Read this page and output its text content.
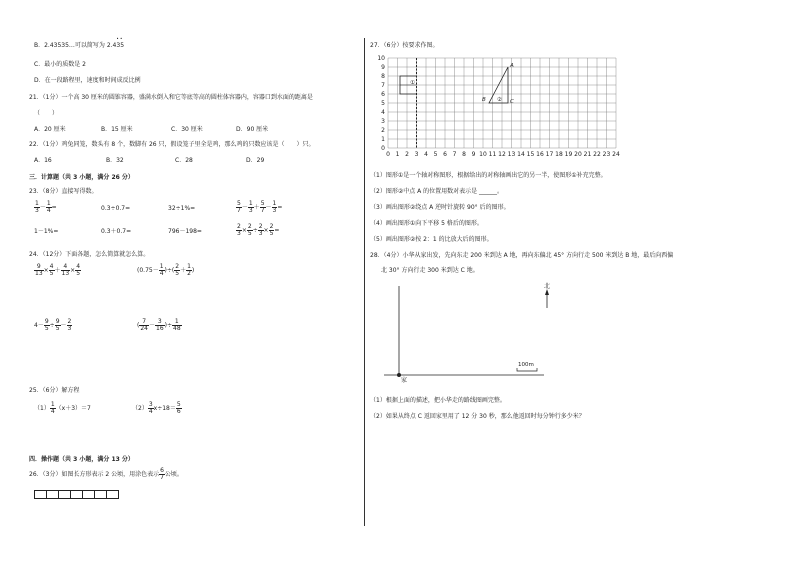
B．2.43535…可以简写为 2.435
• •
C．最小的质数是 2
D．在一段路程里，速度和时间成反比例
21．（1分）一个高 30 厘米的圆锥容器，盛满水倒入和它等底等高的圆柱体容器内，容器口到水面的距离是
（　　）
A．20 厘米	B．15 厘米	C．30 厘米	D．90 厘米
22．（1分）鸡兔同笼，数头有 8 个，数脚有 26 只，假设笼子里全是鸡，那么鸡的只数应该是（　　）只。
A．16	B．32	C．28	D．29
三．计算题（共 3 小题，满分 26 分）
23．（8分）直接写得数。
$\frac{1}{3} - \frac{1}{4}$ =	0.3÷0.7=	32÷1%=	$\frac{5}{7} - \frac{1}{3} + \frac{5}{7} - \frac{1}{3}$ =
1－1%=	0.3＋0.7=	796－198=	$\frac{2}{3} \times \frac{2}{5} \div \frac{2}{3} \times \frac{2}{5}$ =
24．（12分）下面各题，怎么简算就怎么算。
$\frac{9}{13} \times \frac{4}{5} + \frac{4}{13} \times \frac{4}{5}$	($0.75- \frac{1}{4}$ )÷( $\frac{2}{5} + \frac{1}{2}$ )
$4- \frac{9}{5} \div \frac{9}{5} - \frac{2}{3}$	( $\frac{7}{24} - \frac{3}{16}$ )÷ $\frac{1}{48}$
25．（6分）解方程
$(1) \frac{1}{4} (x+3)=7$	$(2) \frac{3}{4} x\div 18= \frac{5}{6}$
四．操作题（共 3 小题，满分 13 分）
26．（3分）如图长方形表示 2 公顷，用涂色表示 $\frac{6}{7}$ 公顷。
27．（6分）按要求作图。
0 1 2 3 4 5 6 7 8 9 10 11 12 13 14 15 16 17 18 19 20 21 22 23 24
0
1
2
3
4
5
6
7
8
9
10
①
②
A
B	C
（1）图形①是一个轴对称图形，根据给出的对称轴画出它的另一半，使图形①补充完整。
（2）图形②中点 A 的位置用数对表示是 ______。
（3）画出图形②绕点 A 逆时针旋转 90° 后的图形。
（4）画出图形①向下平移 5 格后的图形。
（5）画出图形②按 2：1 的比放大后的图形。
28．（4分）小华从家出发，先向东走 200 米到达 A 地，再向东偏北 45° 方向行走 500 米到达 B 地，最后向西偏
北 30° 方向行走 300 米到达 C 地。
家
北
100m
（1）根据上面的描述，把小华走的路线图画完整。
（2）如果从终点 C 返回家里用了 12 分 30 秒，那么他返回时每分钟行多少米？
